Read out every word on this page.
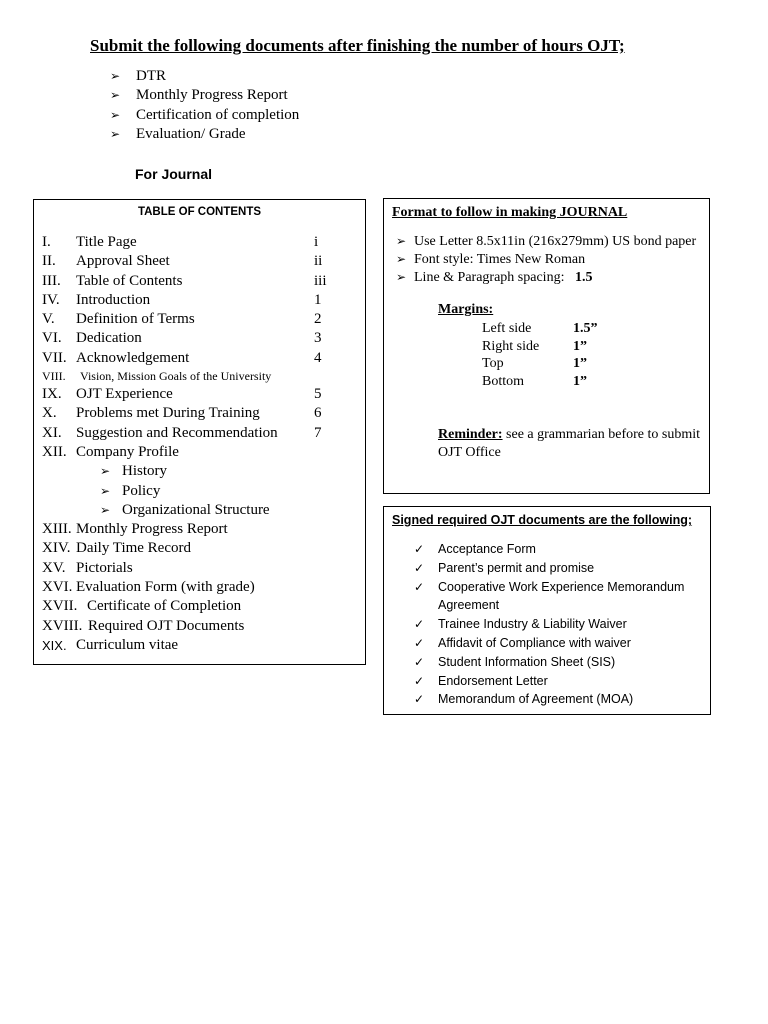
Submit the following documents after finishing the number of hours OJT;
➢ DTR
➢ Monthly Progress Report
➢ Certification of completion
➢ Evaluation/ Grade
For Journal
TABLE OF CONTENTS
I. Title Page	i
II. Approval Sheet	ii
III. Table of Contents	iii
IV. Introduction	1
V. Definition of Terms	2
VI. Dedication	3
VII. Acknowledgement	4
VIII. Vision, Mission Goals of the University
IX. OJT Experience	5
X. Problems met During Training	6
XI. Suggestion and Recommendation 7
XII. Company Profile
➢ History
➢ Policy
➢ Organizational Structure
XIII. Monthly Progress Report
XIV. Daily Time Record
XV. Pictorials
XVI. Evaluation Form (with grade)
XVII. Certificate of Completion
XVIII. Required OJT Documents
XIX. Curriculum vitae
Format to follow in making JOURNAL
➢ Use Letter 8.5x11in (216x279mm) US bond paper
➢ Font style: Times New Roman
➢ Line & Paragraph spacing: 1.5
Margins:
Left side	1.5”
Right side 1”
Top	1”
Bottom	1”
Reminder: see a grammarian before to submit OJT Office
Signed required OJT documents are the following;
✓ Acceptance Form
✓ Parent’s permit and promise
✓ Cooperative Work Experience Memorandum Agreement
✓ Trainee Industry & Liability Waiver
✓ Affidavit of Compliance with waiver
✓ Student Information Sheet (SIS)
✓ Endorsement Letter
✓ Memorandum of Agreement (MOA)
